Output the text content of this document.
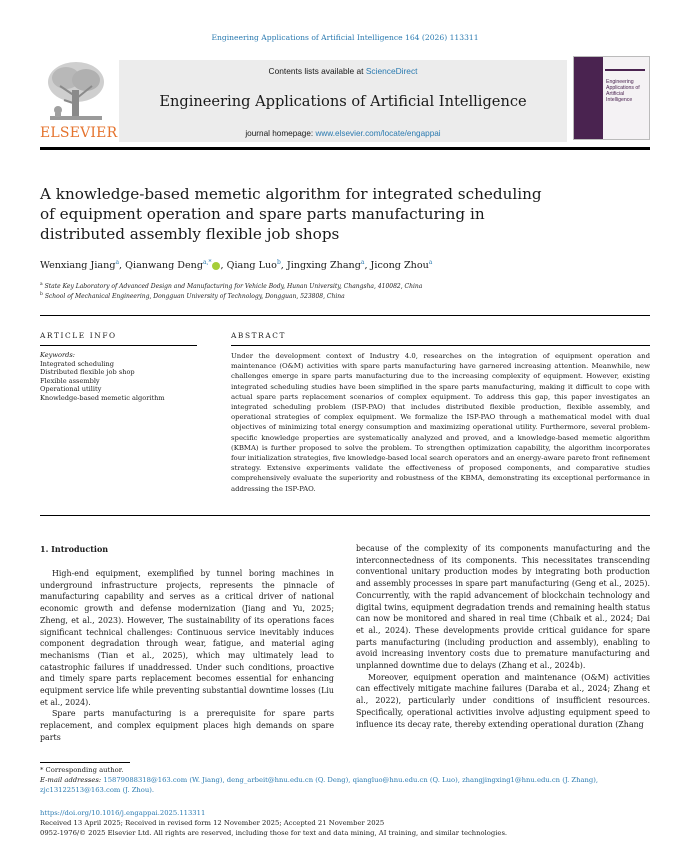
Engineering Applications of Artificial Intelligence 164 (2026) 113311
ELSEVIER
Contents lists available at ScienceDirect
Engineering Applications of Artificial Intelligence
journal homepage: www.elsevier.com/locate/engappai
Engineering Applications of Artificial Intelligence
A knowledge-based memetic algorithm for integrated scheduling of equipment operation and spare parts manufacturing in distributed assembly flexible job shops
Wenxiang Jiang$^a$, Qianwang Deng$^{a,*}$ , Qiang Luo$^b$, Jingxing Zhang$^a$, Jicong Zhou$^a$
$^a$ State Key Laboratory of Advanced Design and Manufacturing for Vehicle Body, Hunan University, Changsha, 410082, China
$^b$ School of Mechanical Engineering, Dongguan University of Technology, Dongguan, 523808, China
ARTICLE INFO	ABSTRACT
Keywords:
Integrated scheduling
Distributed flexible job shop
Flexible assembly
Operational utility
Knowledge-based memetic algorithm
Under the development context of Industry 4.0, researches on the integration of equipment operation and maintenance (O&M) activities with spare parts manufacturing have garnered increasing attention. Meanwhile, new challenges emerge in spare parts manufacturing due to the increasing complexity of equipment. However, existing integrated scheduling studies have been simplified in the spare parts manufacturing, making it difficult to cope with actual spare parts replacement scenarios of complex equipment. To address this gap, this paper investigates an integrated scheduling problem (ISP-PAO) that includes distributed flexible production, flexible assembly, and operational strategies of complex equipment. We formalize the ISP-PAO through a mathematical model with dual objectives of minimizing total energy consumption and maximizing operational utility. Furthermore, several problem-specific knowledge properties are systematically analyzed and proved, and a knowledge-based memetic algorithm (KBMA) is further proposed to solve the problem. To strengthen optimization capability, the algorithm incorporates four initialization strategies, five knowledge-based local search operators and an energy-aware pareto front refinement strategy. Extensive experiments validate the effectiveness of proposed components, and comparative studies comprehensively evaluate the superiority and robustness of the KBMA, demonstrating its exceptional performance in addressing the ISP-PAO.
1. Introduction

High-end equipment, exemplified by tunnel boring machines in underground infrastructure projects, represents the pinnacle of manufacturing capability and serves as a critical driver of national economic growth and defense modernization (Jiang and Yu, 2025; Zheng, et al., 2023). However, The sustainability of its operations faces significant technical challenges: Continuous service inevitably induces component degradation through wear, fatigue, and material aging mechanisms (Tian et al., 2025), which may ultimately lead to catastrophic failures if unaddressed. Under such conditions, proactive and timely spare parts replacement becomes essential for enhancing equipment service life while preventing substantial downtime losses (Liu et al., 2024).

Spare parts manufacturing is a prerequisite for spare parts replacement, and complex equipment places high demands on spare parts

because of the complexity of its components manufacturing and the interconnectedness of its components. This necessitates transcending conventional unitary production modes by integrating both production and assembly processes in spare part manufacturing (Geng et al., 2025). Concurrently, with the rapid advancement of blockchain technology and digital twins, equipment degradation trends and remaining health status can now be monitored and shared in real time (Chbaik et al., 2024; Dai et al., 2024). These developments provide critical guidance for spare parts manufacturing (including production and assembly), enabling to avoid increasing inventory costs due to premature manufacturing and unplanned downtime due to delays (Zhang et al., 2024b).

Moreover, equipment operation and maintenance (O&M) activities can effectively mitigate machine failures (Daraba et al., 2024; Zhang et al., 2022), particularly under conditions of insufficient resources. Specifically, operational activities involve adjusting equipment speed to influence its decay rate, thereby extending operational duration (Zhang

* Corresponding author.
E-mail addresses: 15879088318@163.com (W. Jiang), deng_arbeit@hnu.edu.cn (Q. Deng), qiangluo@hnu.edu.cn (Q. Luo), zhangjingxing1@hnu.edu.cn (J. Zhang), zjc13122513@163.com (J. Zhou).
https://doi.org/10.1016/j.engappai.2025.113311
Received 13 April 2025; Received in revised form 12 November 2025; Accepted 21 November 2025
0952-1976/© 2025 Elsevier Ltd. All rights are reserved, including those for text and data mining, AI training, and similar technologies.
